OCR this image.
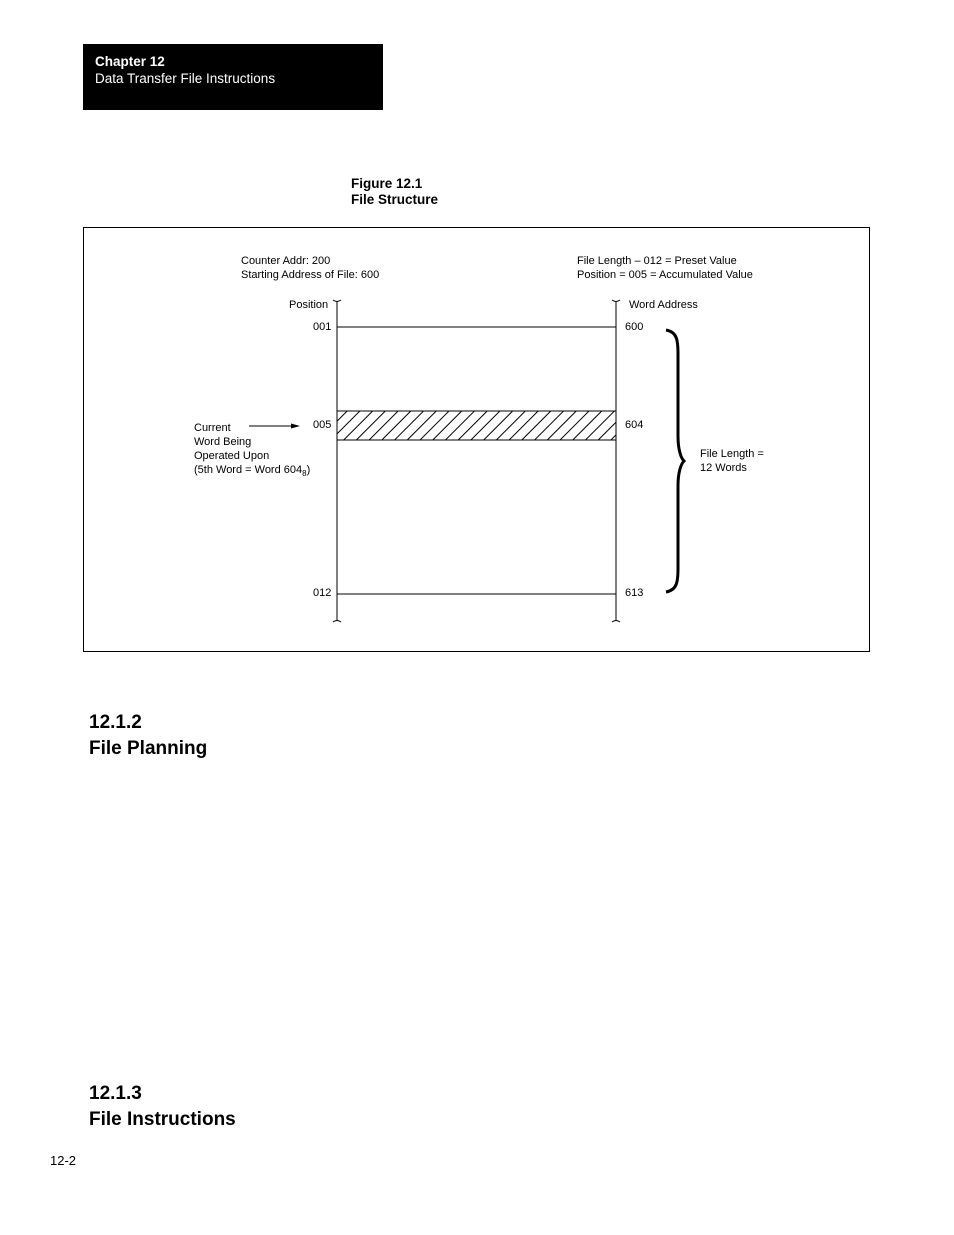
Chapter 12
Data Transfer File Instructions
Figure 12.1
File Structure
Counter Addr: 200
Starting Address of File: 600
File Length – 012 = Preset Value
Position = 005 = Accumulated Value
Position	Word Address
001
005
012
600
604
613
Current
Word Being
Operated Upon
(5th Word = Word $604_8$)
File Length =
12 Words
12.1.2
File Planning
12.1.3
File Instructions
12-2
